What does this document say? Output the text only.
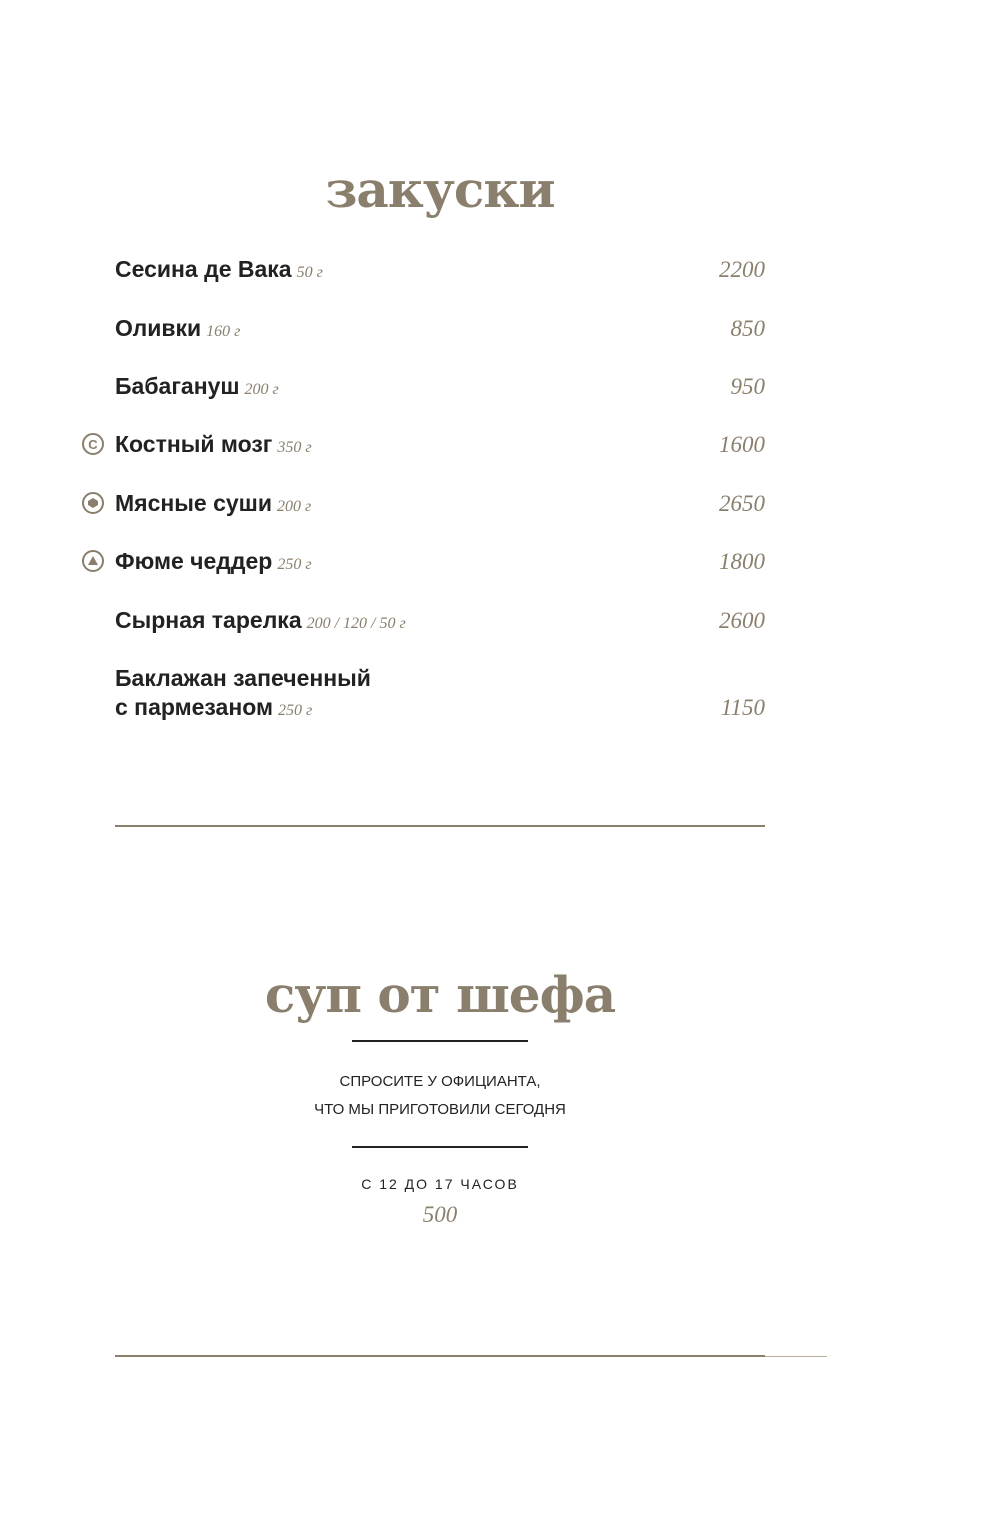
закуски
Сесина де Вака 50 г	2200
Оливки 160 г	850
Бабагануш 200 г	950
C Костный мозг 350 г	1600
Мясные суши 200 г	2650
Фюме чеддер 250 г	1800
Сырная тарелка 200 / 120 / 50 г	2600
Баклажан запеченный
с пармезаном 250 г	1150
суп от шефа
СПРОСИТЕ У ОФИЦИАНТА,
ЧТО МЫ ПРИГОТОВИЛИ СЕГОДНЯ
С 12 ДО 17 ЧАСОВ
500
